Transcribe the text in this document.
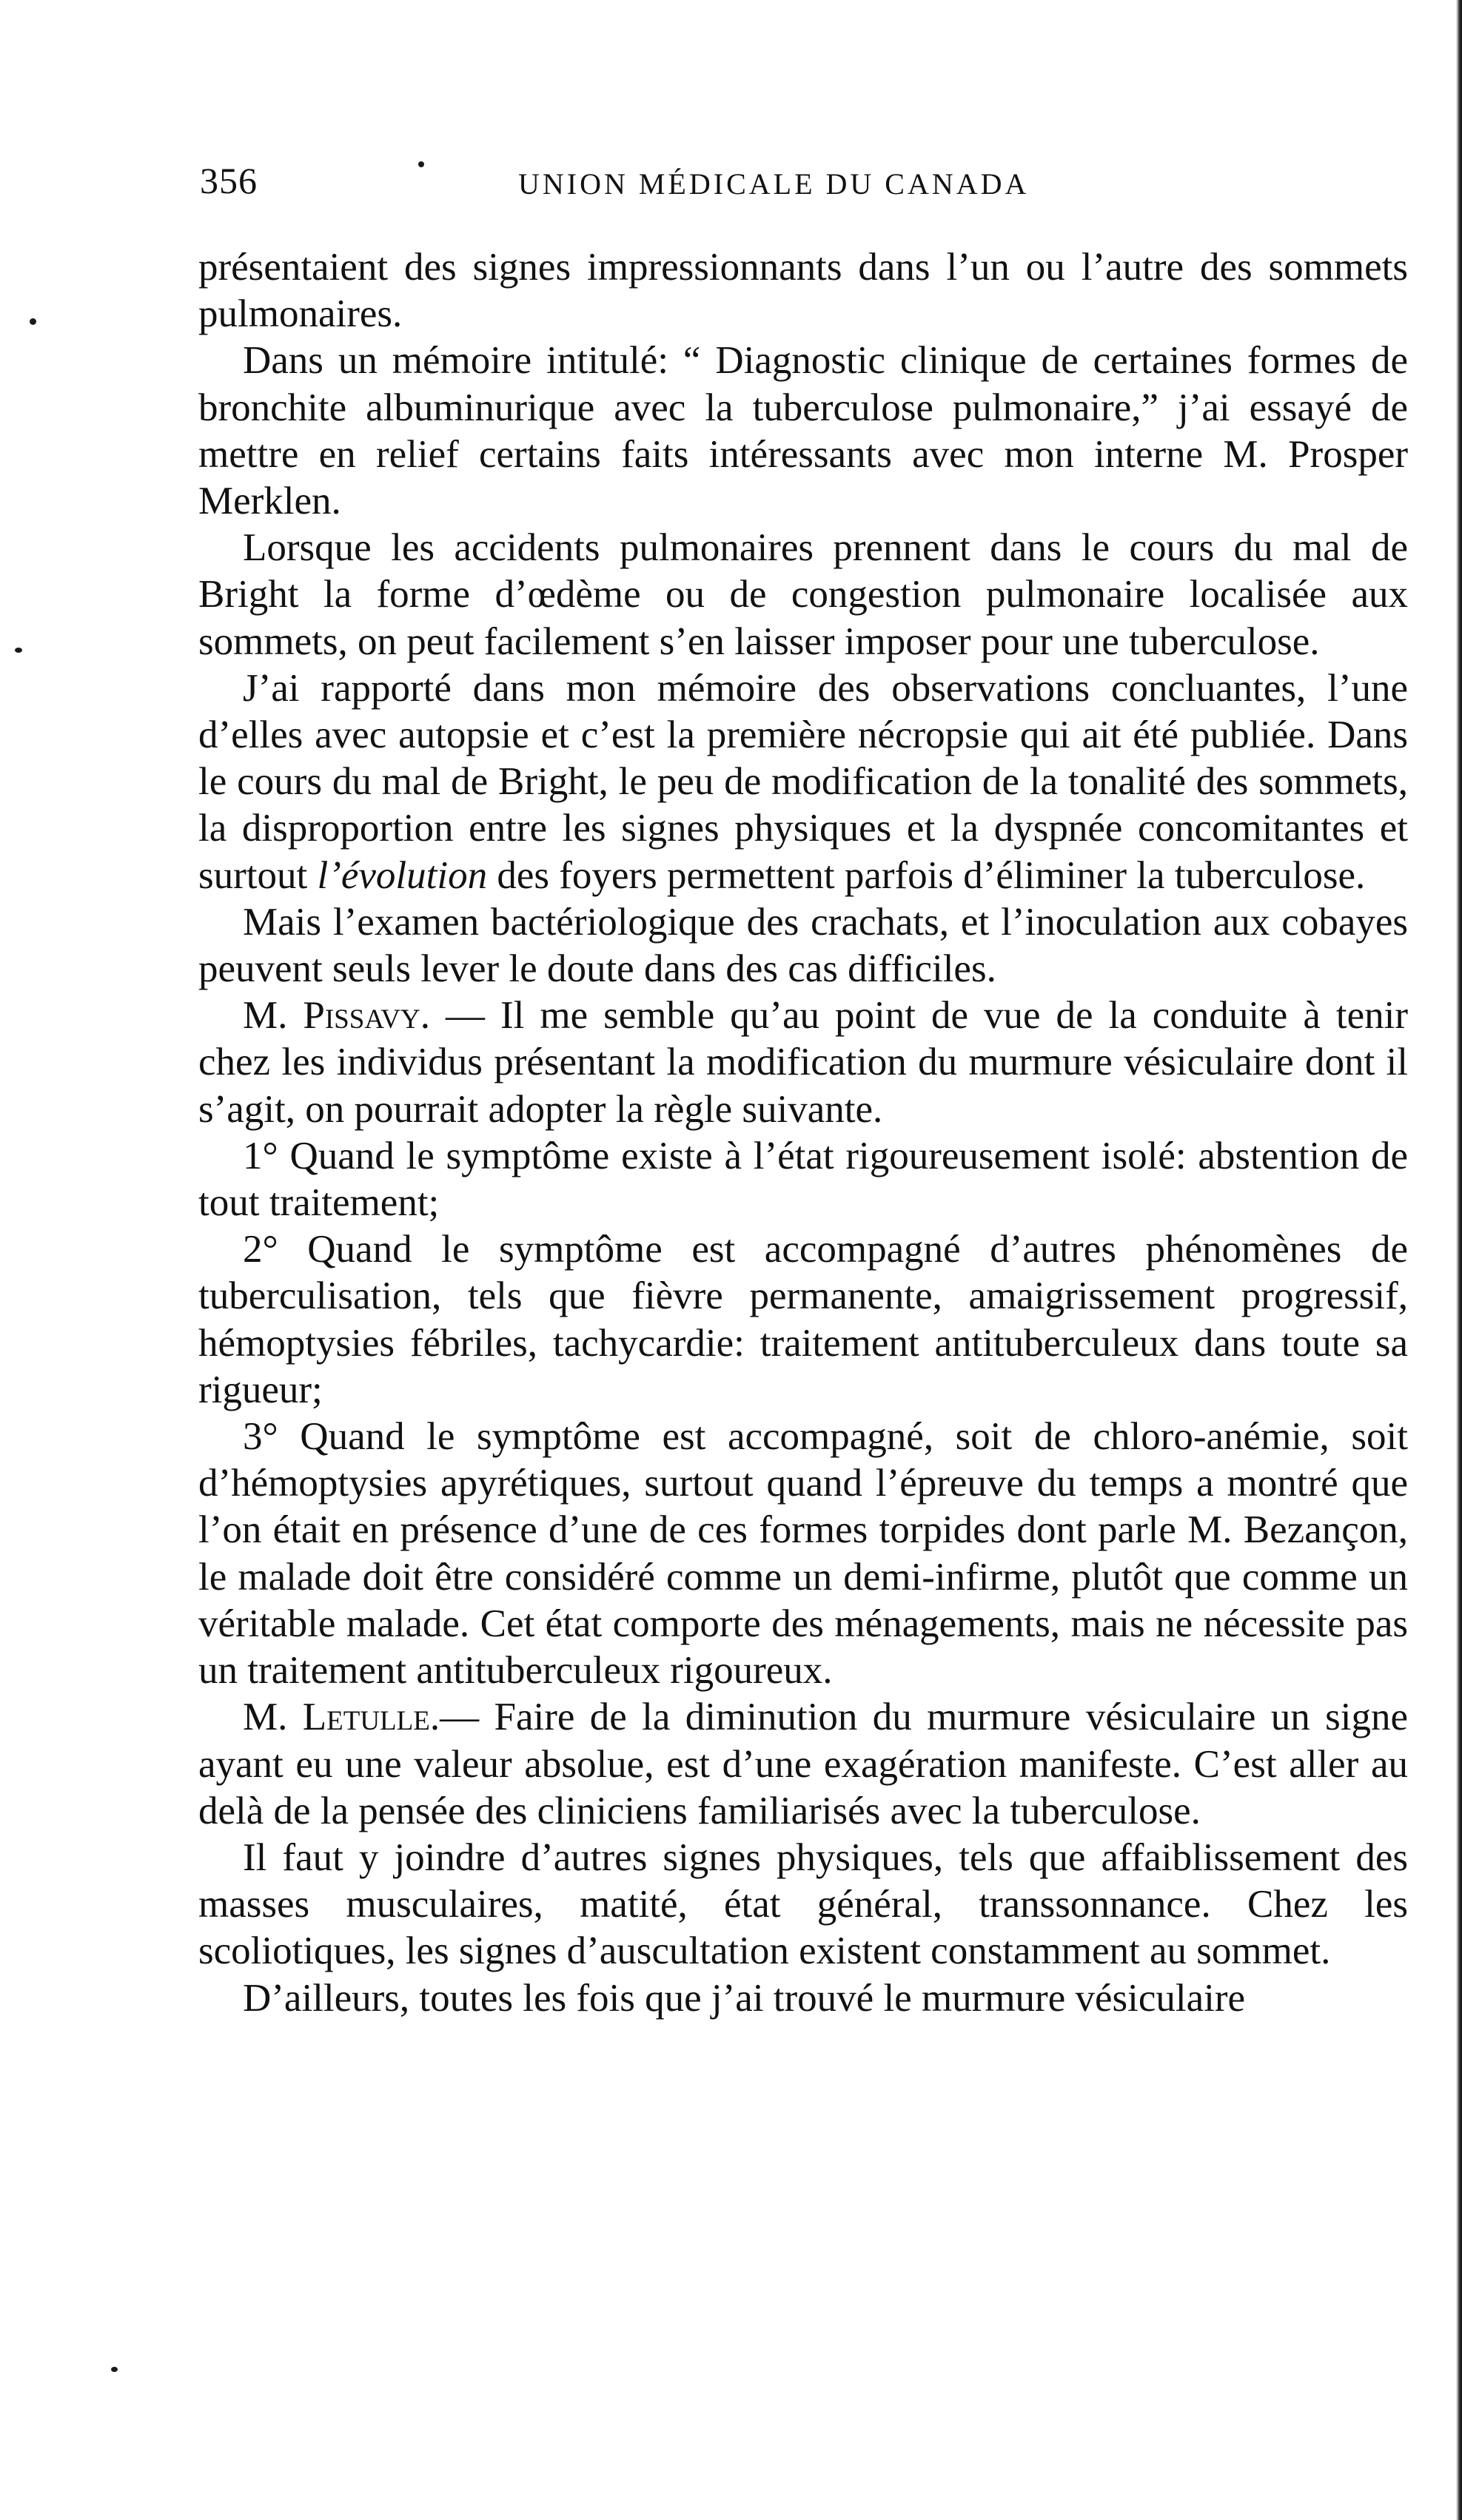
356	UNION MÉDICALE DU CANADA

présentaient des signes impressionnants dans l’un ou l’autre des sommets pulmonaires.

Dans un mémoire intitulé: “ Diagnostic clinique de certaines formes de bronchite albuminurique avec la tuberculose pulmonaire,” j’ai essayé de mettre en relief certains faits intéressants avec mon interne M. Prosper Merklen.

Lorsque les accidents pulmonaires prennent dans le cours du mal de Bright la forme d’œdème ou de congestion pulmonaire localisée aux sommets, on peut facilement s’en laisser imposer pour une tuberculose.

J’ai rapporté dans mon mémoire des observations concluantes, l’une d’elles avec autopsie et c’est la première nécropsie qui ait été publiée. Dans le cours du mal de Bright, le peu de modification de la tonalité des sommets, la disproportion entre les signes physiques et la dyspnée concomitantes et surtout l’évolution des foyers permettent parfois d’éliminer la tuberculose.

Mais l’examen bactériologique des crachats, et l’inoculation aux cobayes peuvent seuls lever le doute dans des cas difficiles.

M. Pissavy. — Il me semble qu’au point de vue de la conduite à tenir chez les individus présentant la modification du murmure vésiculaire dont il s’agit, on pourrait adopter la règle suivante.

1° Quand le symptôme existe à l’état rigoureusement isolé: abstention de tout traitement;

2° Quand le symptôme est accompagné d’autres phénomènes de tuberculisation, tels que fièvre permanente, amaigrissement progressif, hémoptysies fébriles, tachycardie: traitement antituberculeux dans toute sa rigueur;

3° Quand le symptôme est accompagné, soit de chloro-anémie, soit d’hémoptysies apyrétiques, surtout quand l’épreuve du temps a montré que l’on était en présence d’une de ces formes torpides dont parle M. Bezançon, le malade doit être considéré comme un demi-infirme, plutôt que comme un véritable malade. Cet état comporte des ménagements, mais ne nécessite pas un traitement antituberculeux rigoureux.

M. Letulle.— Faire de la diminution du murmure vésiculaire un signe ayant eu une valeur absolue, est d’une exagération manifeste. C’est aller au delà de la pensée des cliniciens familiarisés avec la tuberculose.

Il faut y joindre d’autres signes physiques, tels que affaiblissement des masses musculaires, matité, état général, transsonnance. Chez les scoliotiques, les signes d’auscultation existent constamment au sommet.

D’ailleurs, toutes les fois que j’ai trouvé le murmure vésiculaire
